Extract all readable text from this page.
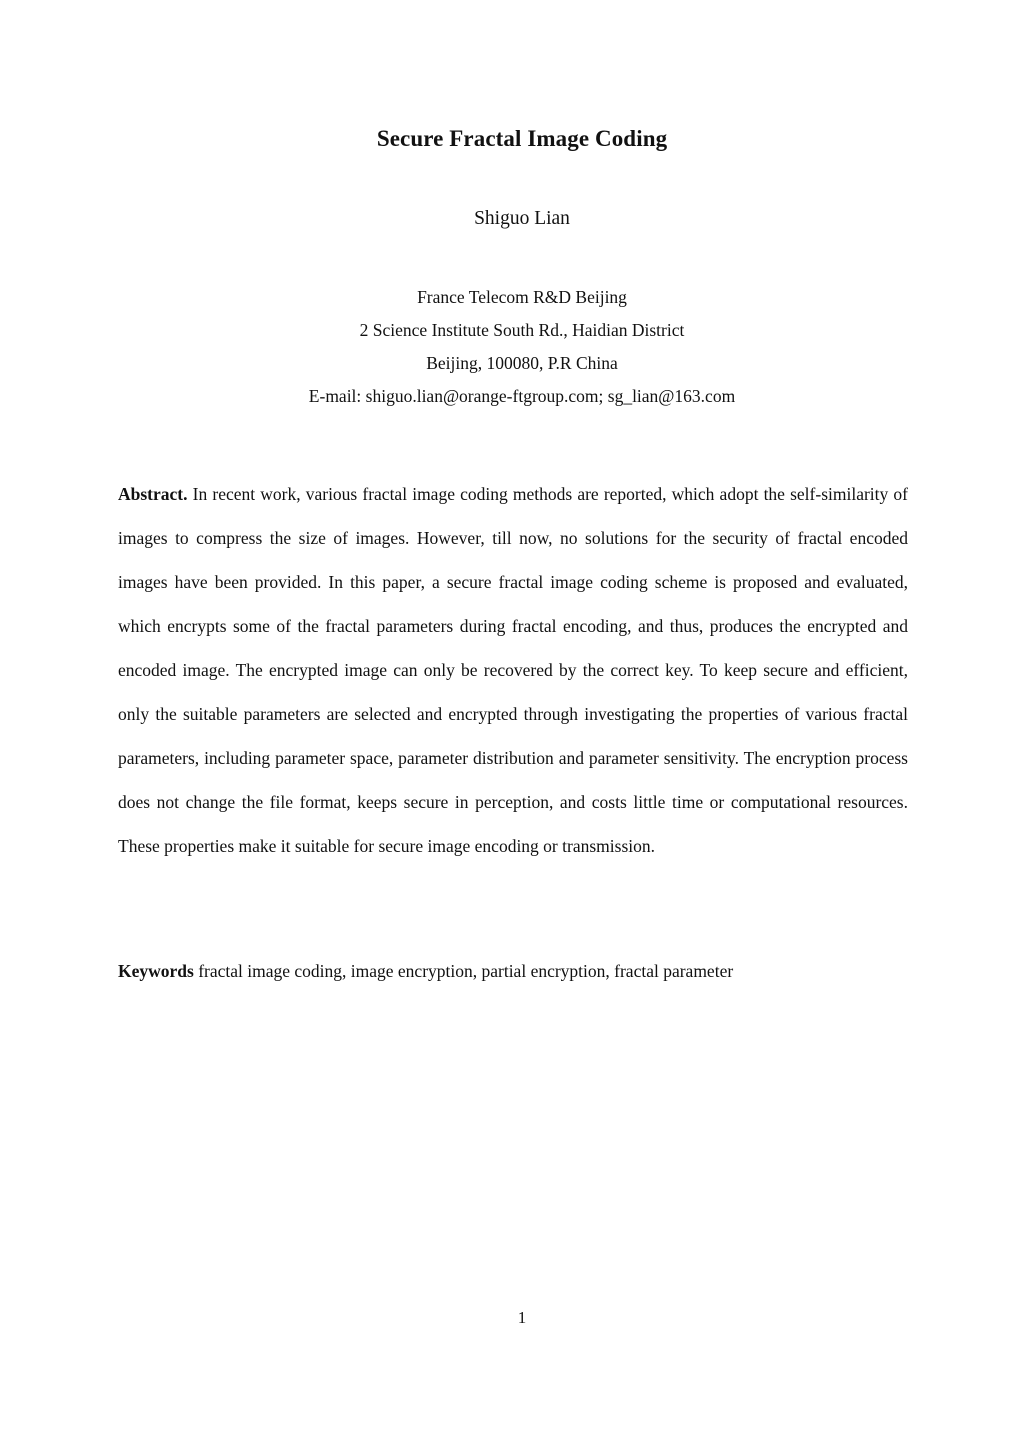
Secure Fractal Image Coding
Shiguo Lian
France Telecom R&D Beijing
2 Science Institute South Rd., Haidian District
Beijing, 100080, P.R China
E-mail: shiguo.lian@orange-ftgroup.com; sg_lian@163.com
Abstract. In recent work, various fractal image coding methods are reported, which adopt the self-similarity of images to compress the size of images. However, till now, no solutions for the security of fractal encoded images have been provided. In this paper, a secure fractal image coding scheme is proposed and evaluated, which encrypts some of the fractal parameters during fractal encoding, and thus, produces the encrypted and encoded image. The encrypted image can only be recovered by the correct key. To keep secure and efficient, only the suitable parameters are selected and encrypted through investigating the properties of various fractal parameters, including parameter space, parameter distribution and parameter sensitivity. The encryption process does not change the file format, keeps secure in perception, and costs little time or computational resources. These properties make it suitable for secure image encoding or transmission.
Keywords fractal image coding, image encryption, partial encryption, fractal parameter
1
